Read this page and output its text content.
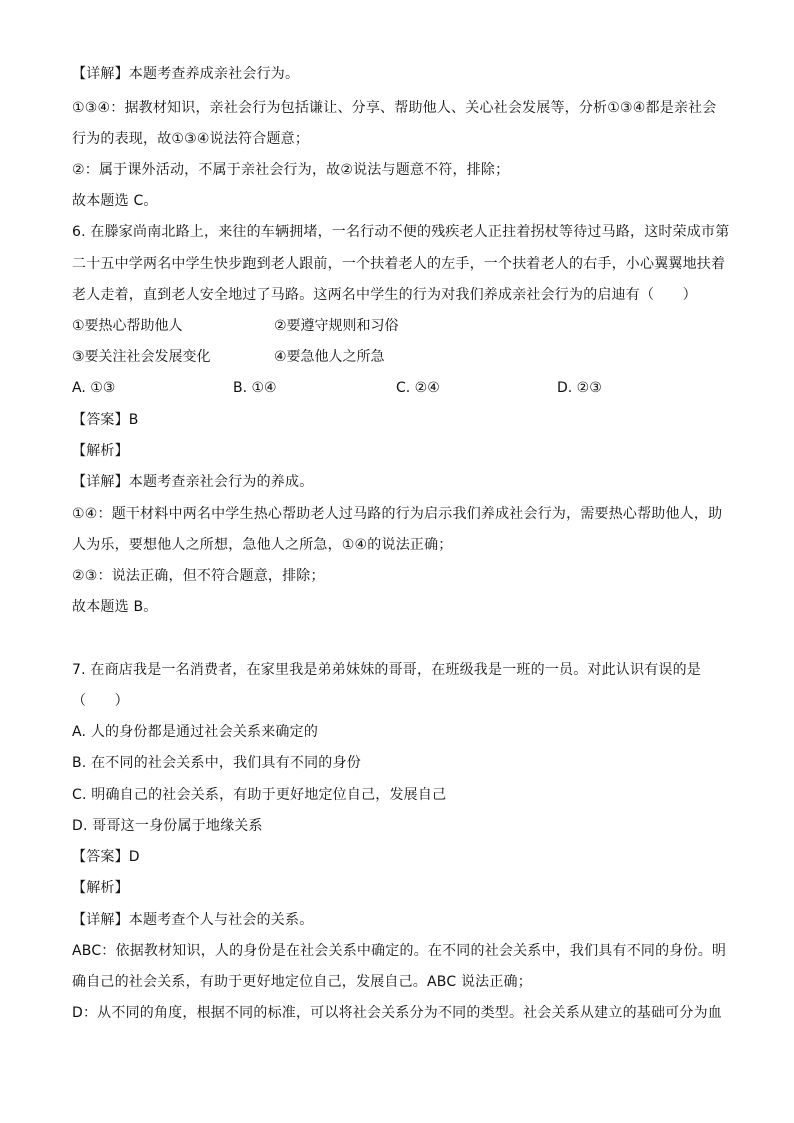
【详解】本题考查养成亲社会行为。
①③④：据教材知识，亲社会行为包括谦让、分享、帮助他人、关心社会发展等，分析①③④都是亲社会
行为的表现，故①③④说法符合题意；
②：属于课外活动，不属于亲社会行为，故②说法与题意不符，排除；
故本题选 C。
6. 在滕家尚南北路上，来往的车辆拥堵，一名行动不便的残疾老人正拄着拐杖等待过马路，这时荣成市第
二十五中学两名中学生快步跑到老人跟前，一个扶着老人的左手，一个扶着老人的右手，小心翼翼地扶着
老人走着，直到老人安全地过了马路。这两名中学生的行为对我们养成亲社会行为的启迪有（　　）
①要热心帮助他人	②要遵守规则和习俗
③要关注社会发展变化	④要急他人之所急
A. ①③	B. ①④	C. ②④	D. ②③
【答案】B
【解析】
【详解】本题考查亲社会行为的养成。
①④：题干材料中两名中学生热心帮助老人过马路的行为启示我们养成社会行为，需要热心帮助他人，助
人为乐，要想他人之所想，急他人之所急，①④的说法正确；
②③：说法正确，但不符合题意，排除；
故本题选 B。
7. 在商店我是一名消费者，在家里我是弟弟妹妹的哥哥，在班级我是一班的一员。对此认识有误的是
（　　）
A. 人的身份都是通过社会关系来确定的
B. 在不同的社会关系中，我们具有不同的身份
C. 明确自己的社会关系，有助于更好地定位自己，发展自己
D. 哥哥这一身份属于地缘关系
【答案】D
【解析】
【详解】本题考查个人与社会的关系。
ABC：依据教材知识，人的身份是在社会关系中确定的。在不同的社会关系中，我们具有不同的身份。明
确自己的社会关系，有助于更好地定位自己，发展自己。ABC 说法正确；
D：从不同的角度，根据不同的标准，可以将社会关系分为不同的类型。社会关系从建立的基础可分为血
